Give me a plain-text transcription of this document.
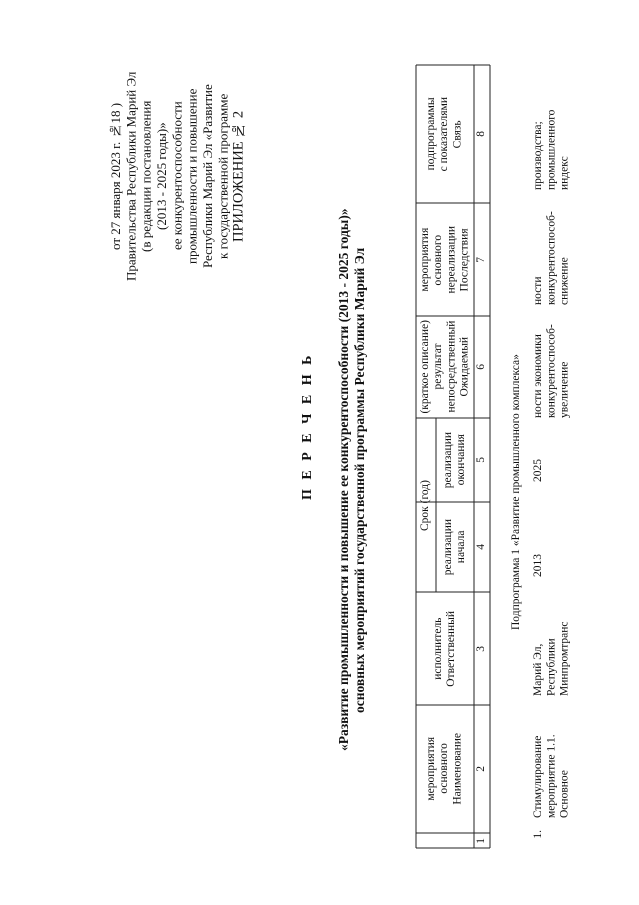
ПРИЛОЖЕНИЕ № 2
к государственной программе
Республики Марий Эл «Развитие
промышленности и повышение
ее конкурентоспособности
(2013 - 2025 годы)»
(в редакции постановления
Правительства Республики Марий Эл
от 27 января 2023 г. №18 )
П Е Р Е Ч Е Н Ь	основных мероприятий государственной программы Республики Марий Эл
«Развитие промышленности и повышение ее конкурентоспособности (2013 - 2025 годы)»
Наименование
основного
мероприятия
Ответственный
исполнитель
Срок (год)
начала
реализации
окончания
реализации
Ожидаемый
непосредственный
результат
(краткое описание)
Последствия
нереализации
основного
мероприятия
Связь
с показателями
подпрограммы
1
2
3
4
5
6
7
8
Подпрограмма 1 «Развитие промышленного комплекса»
1.
Основное
мероприятие 1.1.
Стимулирование
Минпромтранс
Республики
Марий Эл,
2013
2025
увеличение
конкурентоспособ-
ности экономики
снижение
конкурентоспособ-
ности
индекс
промышленного
производства;
